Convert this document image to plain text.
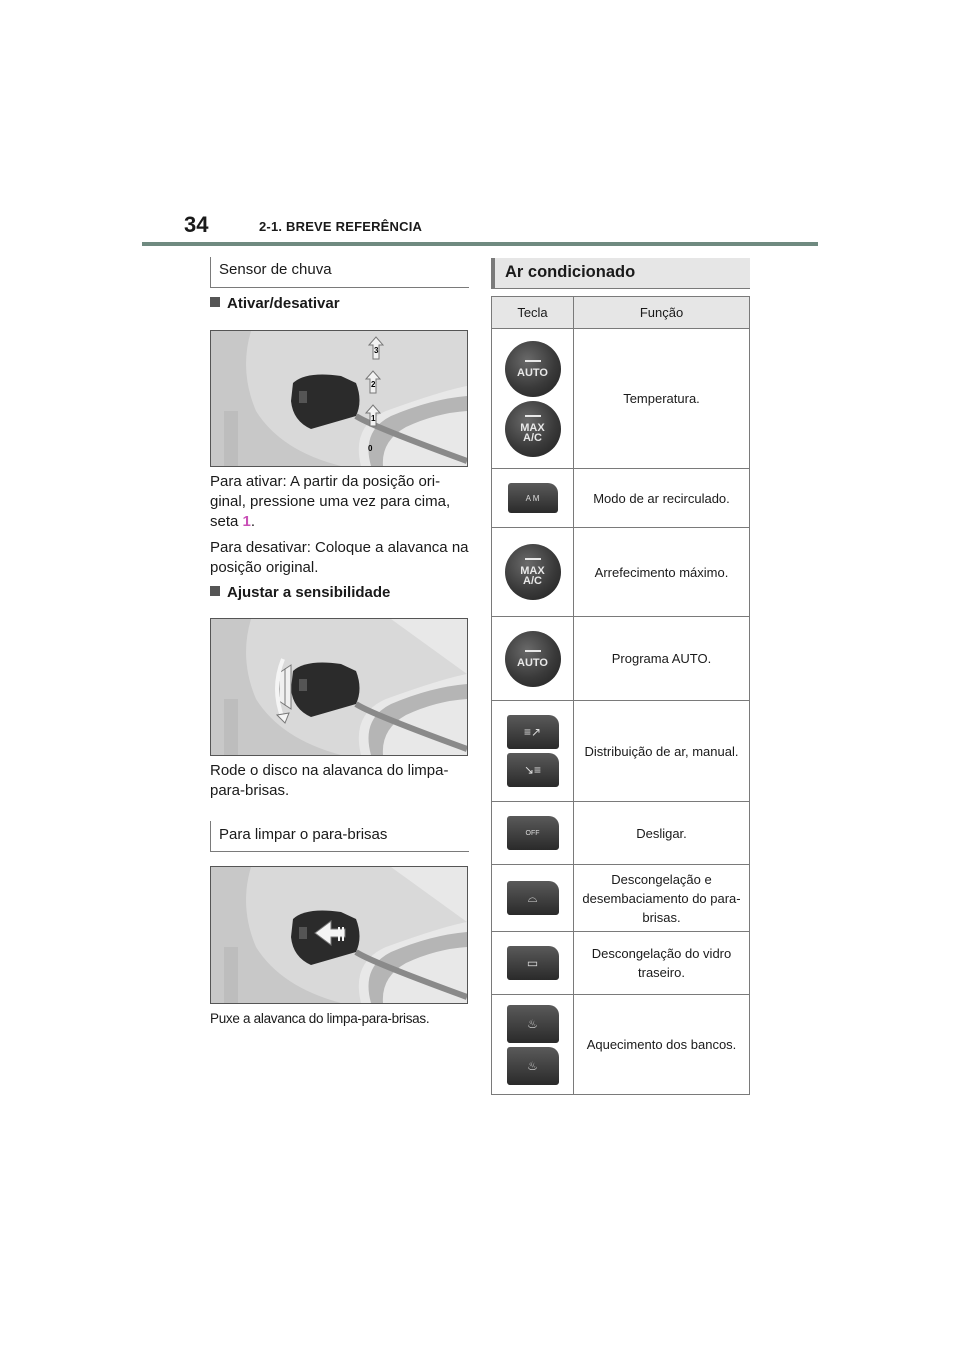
34	2-1. BREVE REFERÊNCIA
Sensor de chuva
Ativar/desativar
1
2
3
0
Para ativar: A partir da posição ori-ginal, pressione uma vez para cima, seta 1.
Para desativar: Coloque a alavanca na posição original.
Ajustar a sensibilidade
Rode o disco na alavanca do limpa-para-brisas.
Para limpar o para-brisas
Puxe a alavanca do limpa-para-brisas.
Ar condicionado
Tecla	Função

AUTO
MAX
A/C	Temperatura.

A M	Modo de ar recirculado.

MAX
A/C	Arrefecimento máximo.

AUTO	Programa AUTO.

≡↗
↘≡	Distribuição de ar, manual.

OFF	Desligar.

⌓	Descongelação e desembaciamento do para-brisas.

▭	Descongelação do vidro traseiro.

♨
♨	Aquecimento dos bancos.
